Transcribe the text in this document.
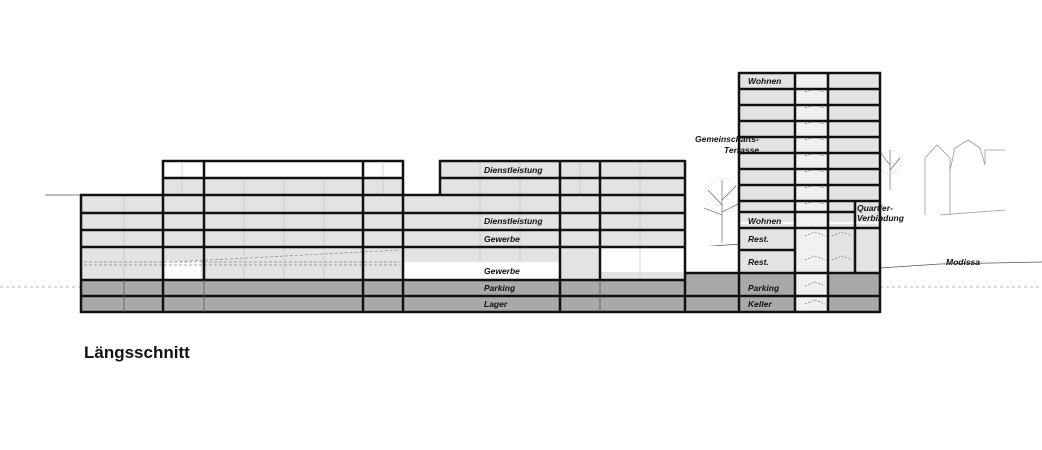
Dienstleistung
Dienstleistung
Gewerbe
Gewerbe
Parking
Lager
Wohnen
Gemeinschafts-
Terrasse
Wohnen
Quartier-
Verbindung
Rest.
Rest.
Parking
Keller
Modissa
Längsschnitt
